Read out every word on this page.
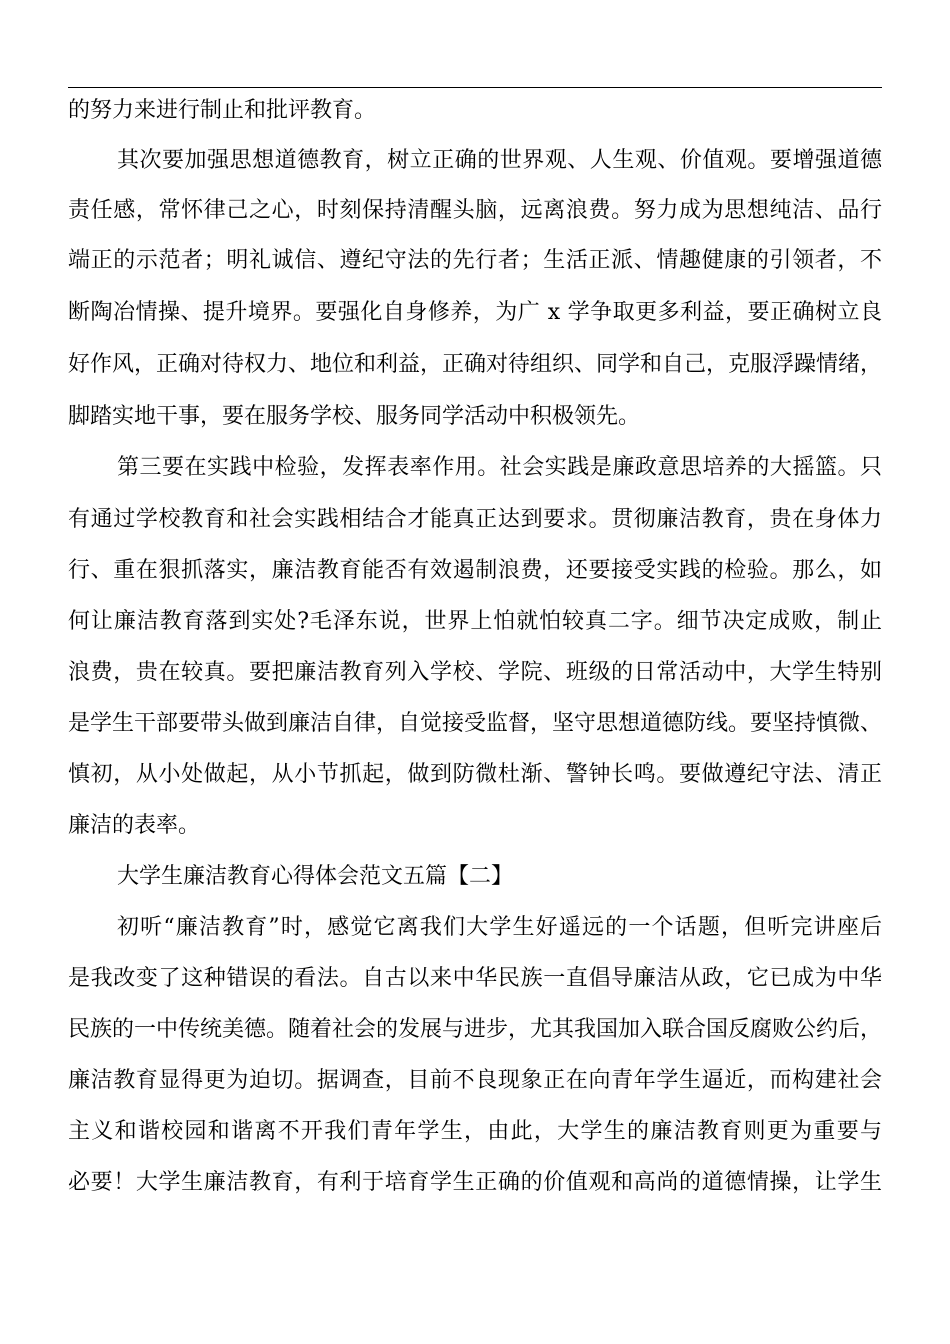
的努力来进行制止和批评教育。
其次要加强思想道德教育，树立正确的世界观、人生观、价值观。要增强道德
责任感，常怀律己之心，时刻保持清醒头脑，远离浪费。努力成为思想纯洁、品行
端正的示范者；明礼诚信、遵纪守法的先行者；生活正派、情趣健康的引领者，不
断陶冶情操、提升境界。要强化自身修养，为广 x 学争取更多利益，要正确树立良
好作风，正确对待权力、地位和利益，正确对待组织、同学和自己，克服浮躁情绪，
脚踏实地干事，要在服务学校、服务同学活动中积极领先。
第三要在实践中检验，发挥表率作用。社会实践是廉政意思培养的大摇篮。只
有通过学校教育和社会实践相结合才能真正达到要求。贯彻廉洁教育，贵在身体力
行、重在狠抓落实，廉洁教育能否有效遏制浪费，还要接受实践的检验。那么，如
何让廉洁教育落到实处?毛泽东说，世界上怕就怕较真二字。细节决定成败，制止
浪费，贵在较真。要把廉洁教育列入学校、学院、班级的日常活动中，大学生特别
是学生干部要带头做到廉洁自律，自觉接受监督，坚守思想道德防线。要坚持慎微、
慎初，从小处做起，从小节抓起，做到防微杜渐、警钟长鸣。要做遵纪守法、清正
廉洁的表率。
大学生廉洁教育心得体会范文五篇【二】
初听“廉洁教育”时，感觉它离我们大学生好遥远的一个话题，但听完讲座后
是我改变了这种错误的看法。自古以来中华民族一直倡导廉洁从政，它已成为中华
民族的一中传统美德。随着社会的发展与进步，尤其我国加入联合国反腐败公约后，
廉洁教育显得更为迫切。据调查，目前不良现象正在向青年学生逼近，而构建社会
主义和谐校园和谐离不开我们青年学生，由此，大学生的廉洁教育则更为重要与
必要！大学生廉洁教育，有利于培育学生正确的价值观和高尚的道德情操，让学生
